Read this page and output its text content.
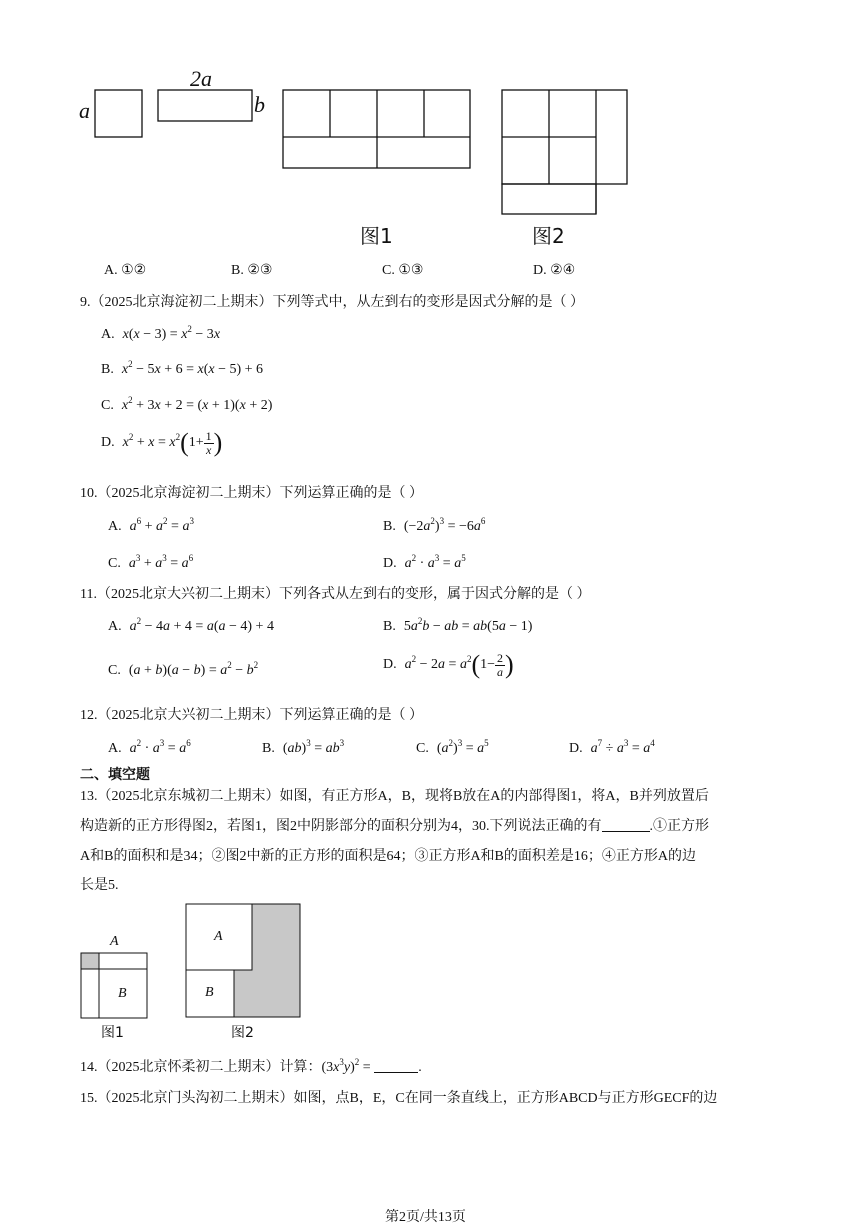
a
2a
b
图1	图2
A. ①②	B. ②③	C. ①③	D. ②④
9.（2025北京海淀初二上期末）下列等式中，从左到右的变形是因式分解的是（ ）
A. $x(x - 3) = x^2 - 3x$
B. $x^2 - 5x + 6 = x(x - 5) + 6$
C. $x^2 + 3x + 2 = (x + 1)(x + 2)$
D. $x^2 + x = x^2(1+ \frac{1}{x}$ )
10.（2025北京海淀初二上期末）下列运算正确的是（ ）
A. $a^6 + a^2 = a^3$	B. $(-2a^2)^3 = -6a^6$
C. $a^3 + a^3 = a^6$	D. $a^2 \cdot a^3 = a^5$
11.（2025北京大兴初二上期末）下列各式从左到右的变形，属于因式分解的是（ ）
A. $a^2 - 4a + 4 = a(a - 4) + 4$	B. $5a^2b$ − ab = ab(5a − 1)
C. $(a + b)(a - b) = a^2 - b^2$	D. $a^2 - 2a = a^2(1- \frac{2}{a}$ )
12.（2025北京大兴初二上期末）下列运算正确的是（ ）
A. $a^2 \cdot a^3 = a^6$	B. $(ab)^3 = ab^3$	C. $(a^2)^3 = a^5$	D. $a^7 \div a^3 = a^4$
二、填空题
13.（2025北京东城初二上期末）如图，有正方形A，B，现将B放在A的内部得图1，将A，B并列放置后
构造新的正方形得图2，若图1，图2中阴影部分的面积分别为4，30.下列说法正确的有	.①正方形
A和B的面积和是34；②图2中新的正方形的面积是64；③正方形A和B的面积差是16；④正方形A的边
长是5.
A
B
A
B
图1	图2
14.（2025北京怀柔初二上期末）计算：$(3x^3y)^2$ =	.
15.（2025北京门头沟初二上期末）如图，点B，E，C在同一条直线上，正方形ABCD与正方形GECF的边
第2页/共13页
